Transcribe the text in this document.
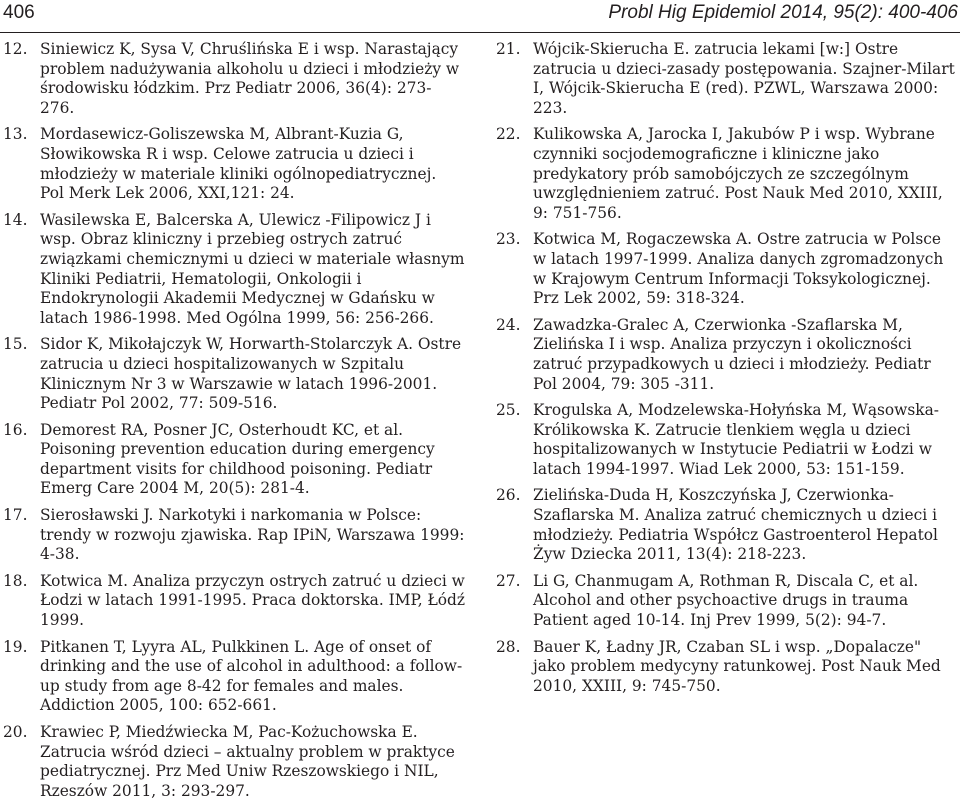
406	Probl Hig Epidemiol 2014, 95(2): 400-406
12. Siniewicz K, Sysa V, Chruślińska E i wsp. Narastający problem nadużywania alkoholu u dzieci i młodzieży w środowisku łódzkim. Prz Pediatr 2006, 36(4): 273-276.
13. Mordasewicz-Goliszewska M, Albrant-Kuzia G, Słowikowska R i wsp. Celowe zatrucia u dzieci i młodzieży w materiale kliniki ogólnopediatrycznej. Pol Merk Lek 2006, XXI,121: 24.
14. Wasilewska E, Balcerska A, Ulewicz -Filipowicz J i wsp. Obraz kliniczny i przebieg ostrych zatruć związkami chemicznymi u dzieci w materiale własnym Kliniki Pediatrii, Hematologii, Onkologii i Endokrynologii Akademii Medycznej w Gdańsku w latach 1986-1998. Med Ogólna 1999, 56: 256-266.
15. Sidor K, Mikołajczyk W, Horwarth-Stolarczyk A. Ostre zatrucia u dzieci hospitalizowanych w Szpitalu Klinicznym Nr 3 w Warszawie w latach 1996-2001. Pediatr Pol 2002, 77: 509-516.
16. Demorest RA, Posner JC, Osterhoudt KC, et al. Poisoning prevention education during emergency department visits for childhood poisoning. Pediatr Emerg Care 2004 M, 20(5): 281-4.
17. Sierosławski J. Narkotyki i narkomania w Polsce: trendy w rozwoju zjawiska. Rap IPiN, Warszawa 1999: 4-38.
18. Kotwica M. Analiza przyczyn ostrych zatruć u dzieci w Łodzi w latach 1991-1995. Praca doktorska. IMP, Łódź 1999.
19. Pitkanen T, Lyyra AL, Pulkkinen L. Age of onset of drinking and the use of alcohol in adulthood: a follow-up study from age 8-42 for females and males. Addiction 2005, 100: 652-661.
20. Krawiec P, Miedźwiecka M, Pac-Kożuchowska E. Zatrucia wśród dzieci – aktualny problem w praktyce pediatrycznej. Prz Med Uniw Rzeszowskiego i NIL, Rzeszów 2011, 3: 293-297.
21. Wójcik-Skierucha E. zatrucia lekami [w:] Ostre zatrucia u dzieci-zasady postępowania. Szajner-Milart I, Wójcik-Skierucha E (red). PZWL, Warszawa 2000: 223.
22. Kulikowska A, Jarocka I, Jakubów P i wsp. Wybrane czynniki socjodemograficzne i kliniczne jako predykatory prób samobójczych ze szczególnym uwzględnieniem zatruć. Post Nauk Med 2010, XXIII, 9: 751-756.
23. Kotwica M, Rogaczewska A. Ostre zatrucia w Polsce w latach 1997-1999. Analiza danych zgromadzonych w Krajowym Centrum Informacji Toksykologicznej. Prz Lek 2002, 59: 318-324.
24. Zawadzka-Gralec A, Czerwionka -Szaflarska M, Zielińska I i wsp. Analiza przyczyn i okoliczności zatruć przypadkowych u dzieci i młodzieży. Pediatr Pol 2004, 79: 305 -311.
25. Krogulska A, Modzelewska-Hołyńska M, Wąsowska-Królikowska K. Zatrucie tlenkiem węgla u dzieci hospitalizowanych w Instytucie Pediatrii w Łodzi w latach 1994-1997. Wiad Lek 2000, 53: 151-159.
26. Zielińska-Duda H, Koszczyńska J, Czerwionka-Szaflarska M. Analiza zatruć chemicznych u dzieci i młodzieży. Pediatria Współcz Gastroenterol Hepatol Żyw Dziecka 2011, 13(4): 218-223.
27. Li G, Chanmugam A, Rothman R, Discala C, et al. Alcohol and other psychoactive drugs in trauma Patient aged 10-14. Inj Prev 1999, 5(2): 94-7.
28. Bauer K, Ładny JR, Czaban SL i wsp. „Dopalacze" jako problem medycyny ratunkowej. Post Nauk Med 2010, XXIII, 9: 745-750.
